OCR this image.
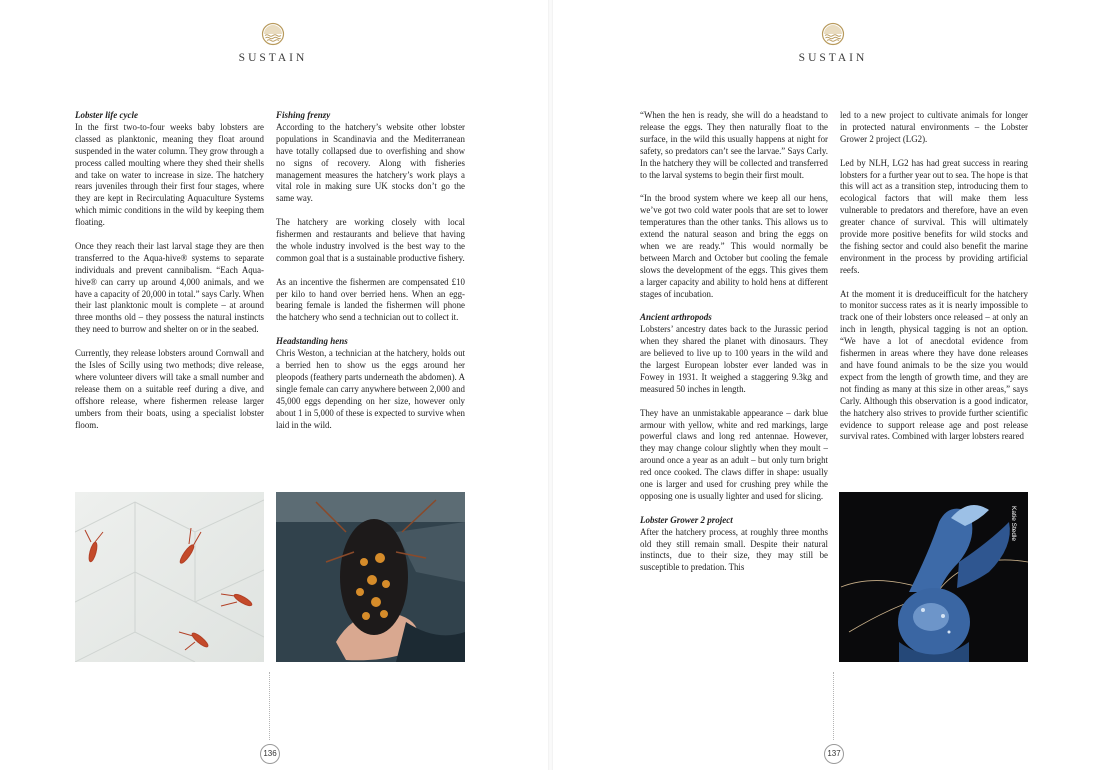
SUSTAIN
Lobster life cycle

In the first two-to-four weeks baby lobsters are classed as planktonic, meaning they float around suspended in the water column. They grow through a process called moulting where they shed their shells and take on water to increase in size. The hatchery rears juveniles through their first four stages, where they are kept in Recirculating Aquaculture Systems which mimic conditions in the wild by keeping them floating.

Once they reach their last larval stage they are then transferred to the Aqua-hive® systems to separate individuals and prevent cannibalism. “Each Aqua-hive® can carry up around 4,000 animals, and we have a capacity of 20,000 in total.” says Carly. When their last planktonic moult is complete – at around three months old – they possess the natural instincts they need to burrow and shelter on or in the seabed.

Currently, they release lobsters around Cornwall and the Isles of Scilly using two methods; dive release, where volunteer divers will take a small number and release them on a suitable reef during a dive, and offshore release, where fishermen release larger umbers from their boats, using a specialist lobster floom.

Fishing frenzy

According to the hatchery’s website other lobster populations in Scandinavia and the Mediterranean have totally collapsed due to overfishing and show no signs of recovery. Along with fisheries management measures the hatchery’s work plays a vital role in making sure UK stocks don’t go the same way.

The hatchery are working closely with local fishermen and restaurants and believe that having the whole industry involved is the best way to the common goal that is a sustainable productive fishery.

As an incentive the fishermen are compensated £10 per kilo to hand over berried hens. When an egg-bearing female is landed the fishermen will phone the hatchery who send a technician out to collect it.

Headstanding hens

Chris Weston, a technician at the hatchery, holds out a berried hen to show us the eggs around her pleopods (feathery parts underneath the abdomen). A single female can carry anywhere between 2,000 and 45,000 eggs depending on her size, however only about 1 in 5,000 of these is expected to survive when laid in the wild.

136
SUSTAIN

“When the hen is ready, she will do a headstand to release the eggs. They then naturally float to the surface, in the wild this usually happens at night for safety, so predators can’t see the larvae.” Says Carly. In the hatchery they will be collected and transferred to the larval systems to begin their first moult.

“In the brood system where we keep all our hens, we’ve got two cold water pools that are set to lower temperatures than the other tanks. This allows us to extend the natural season and bring the eggs on when we are ready.” This would normally be between March and October but cooling the female slows the development of the eggs. This gives them a larger capacity and ability to hold hens at different stages of incubation.

Ancient arthropods

Lobsters’ ancestry dates back to the Jurassic period when they shared the planet with dinosaurs. They are believed to live up to 100 years in the wild and the largest European lobster ever landed was in Fowey in 1931. It weighed a staggering 9.3kg and measured 50 inches in length.

They have an unmistakable appearance – dark blue armour with yellow, white and red markings, large powerful claws and long red antennae. However, they may change colour slightly when they moult – around once a year as an adult – but only turn bright red once cooked. The claws differ in shape: usually one is larger and used for crushing prey while the opposing one is usually lighter and used for slicing.

Lobster Grower 2 project

After the hatchery process, at roughly three months old they still remain small. Despite their natural instincts, due to their size, they may still be susceptible to predation. This

led to a new project to cultivate animals for longer in protected natural environments – the Lobster Grower 2 project (LG2).

Led by NLH, LG2 has had great success in rearing lobsters for a further year out to sea. The hope is that this will act as a transition step, introducing them to ecological factors that will make them less vulnerable to predators and therefore, have an even greater chance of survival. This will ultimately provide more positive benefits for wild stocks and the fishing sector and could also benefit the marine environment in the process by providing artificial reefs.

At the moment it is dreduceifficult for the hatchery to monitor success rates as it is nearly impossible to track one of their lobsters once released – at only an inch in length, physical tagging is not an option. “We have a lot of anecdotal evidence from fishermen in areas where they have done releases and have found animals to be the size you would expect from the length of growth time, and they are not finding as many at this size in other areas,” says Carly. Although this observation is a good indicator, the hatchery also strives to provide further scientific evidence to support release age and post release survival rates. Combined with larger lobsters reared

Katie Stedle
137
